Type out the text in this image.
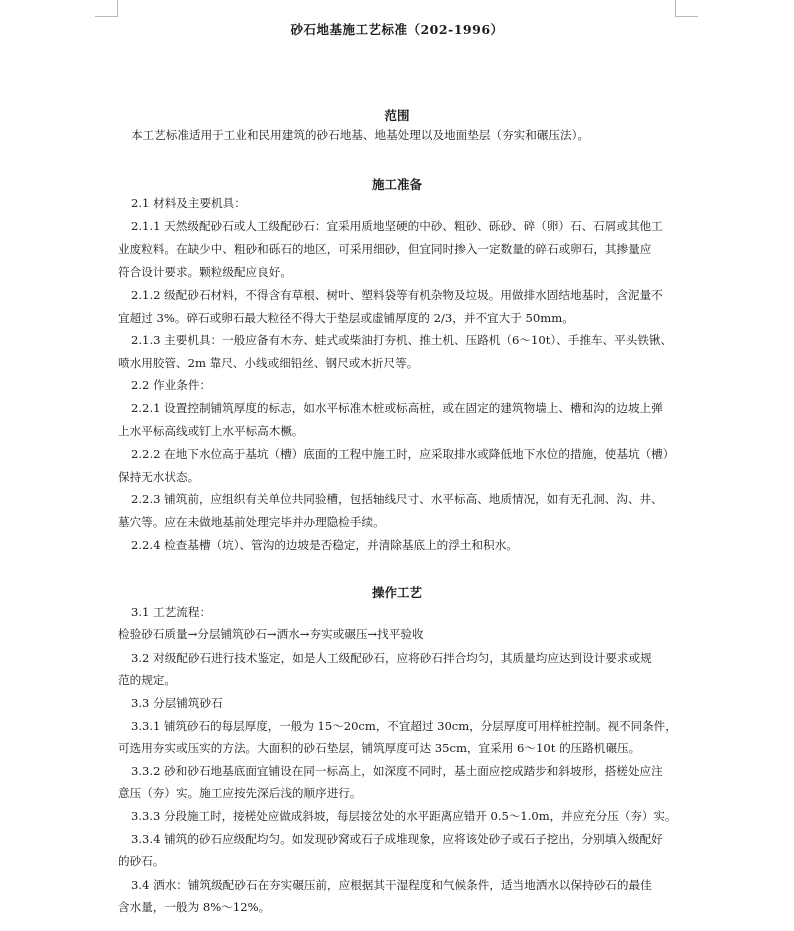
砂石地基施工艺标准（202-1996）
范围
本工艺标准适用于工业和民用建筑的砂石地基、地基处理以及地面垫层（夯实和碾压法）。
施工准备
2.1 材料及主要机具：
2.1.1 天然级配砂石或人工级配砂石：宜采用质地坚硬的中砂、粗砂、砾砂、碎（卵）石、石屑或其他工
业废粒料。在缺少中、粗砂和砾石的地区，可采用细砂，但宜同时掺入一定数量的碎石或卵石，其掺量应
符合设计要求。颗粒级配应良好。
2.1.2 级配砂石材料，不得含有草根、树叶、塑料袋等有机杂物及垃圾。用做排水固结地基时，含泥量不
宜超过 3%。碎石或卵石最大粒径不得大于垫层或虚铺厚度的 2/3，并不宜大于 50mm。
2.1.3 主要机具：一般应备有木夯、蛙式或柴油打夯机、推土机、压路机（6～10t）、手推车、平头铁锹、
喷水用胶管、2m 靠尺、小线或细铅丝、钢尺或木折尺等。
2.2 作业条件：
2.2.1 设置控制铺筑厚度的标志，如水平标准木桩或标高桩，或在固定的建筑物墙上、槽和沟的边坡上弹
上水平标高线或钉上水平标高木橛。
2.2.2 在地下水位高于基坑（槽）底面的工程中施工时，应采取排水或降低地下水位的措施，使基坑（槽）
保持无水状态。
2.2.3 铺筑前，应组织有关单位共同验槽，包括轴线尺寸、水平标高、地质情况，如有无孔洞、沟、井、
墓穴等。应在未做地基前处理完毕并办理隐检手续。
2.2.4 检查基槽（坑）、管沟的边坡是否稳定，并清除基底上的浮土和积水。
操作工艺
3.1 工艺流程：
检验砂石质量→分层铺筑砂石→洒水→夯实或碾压→找平验收
3.2 对级配砂石进行技术鉴定，如是人工级配砂石，应将砂石拌合均匀，其质量均应达到设计要求或规
范的规定。
3.3 分层铺筑砂石
3.3.1 铺筑砂石的每层厚度，一般为 15～20cm，不宜超过 30cm，分层厚度可用样桩控制。视不同条件，
可选用夯实或压实的方法。大面积的砂石垫层，铺筑厚度可达 35cm，宜采用 6～10t 的压路机碾压。
3.3.2 砂和砂石地基底面宜铺设在同一标高上，如深度不同时，基土面应挖成踏步和斜坡形，搭槎处应注
意压（夯）实。施工应按先深后浅的顺序进行。
3.3.3 分段施工时，接槎处应做成斜坡，每层接岔处的水平距离应错开 0.5～1.0m，并应充分压（夯）实。
3.3.4 铺筑的砂石应级配均匀。如发现砂窝或石子成堆现象，应将该处砂子或石子挖出，分别填入级配好
的砂石。
3.4 洒水：铺筑级配砂石在夯实碾压前，应根据其干湿程度和气候条件，适当地洒水以保持砂石的最佳
含水量，一般为 8%～12%。
